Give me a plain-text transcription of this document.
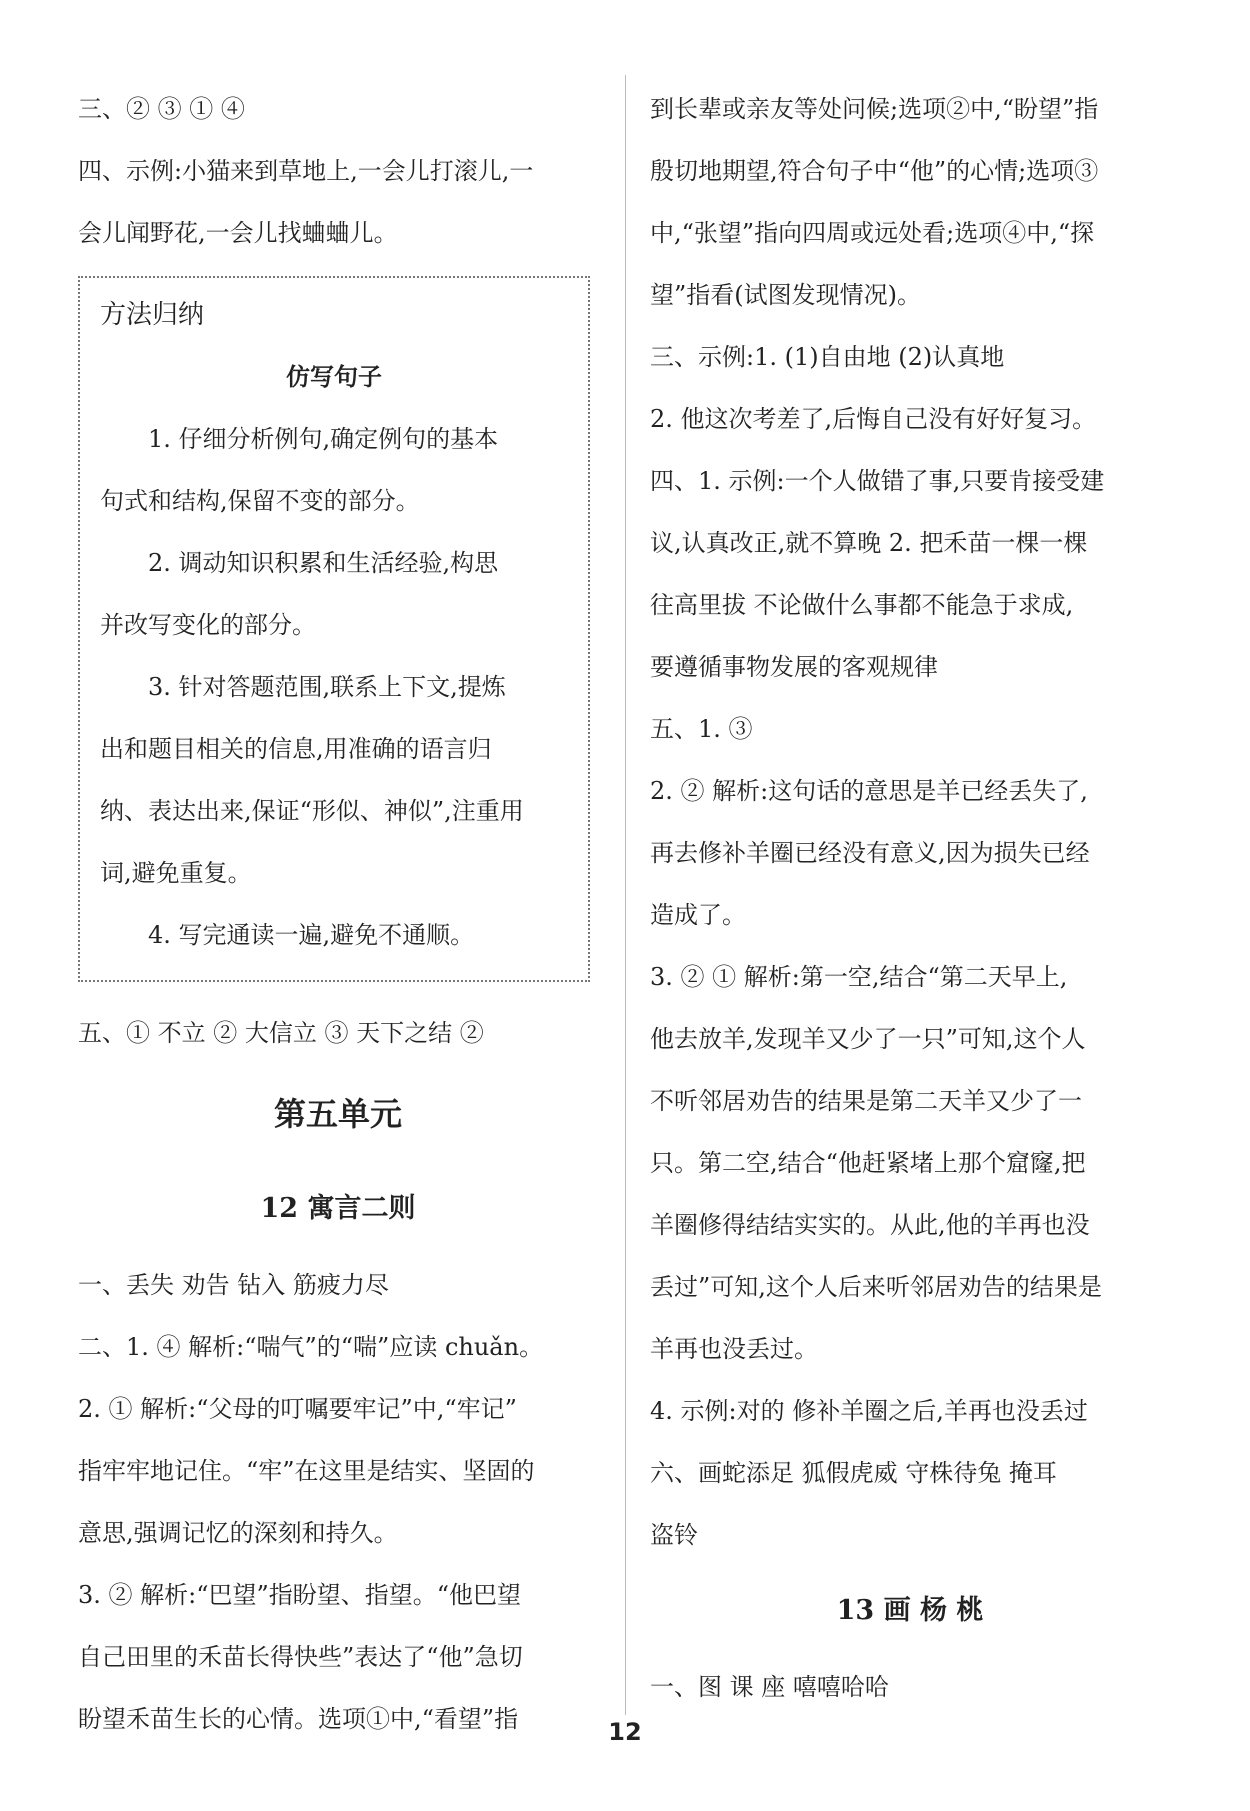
三、② ③ ① ④
四、示例:小猫来到草地上,一会儿打滚儿,一
会儿闻野花,一会儿找蛐蛐儿。
方法归纳
仿写句子
1. 仔细分析例句,确定例句的基本
句式和结构,保留不变的部分。
2. 调动知识积累和生活经验,构思
并改写变化的部分。
3. 针对答题范围,联系上下文,提炼
出和题目相关的信息,用准确的语言归
纳、表达出来,保证“形似、神似”,注重用
词,避免重复。
4. 写完通读一遍,避免不通顺。
五、① 不立 ② 大信立 ③ 天下之结 ②
第五单元
12 寓言二则
一、丢失 劝告 钻入 筋疲力尽
二、1. ④ 解析:“喘气”的“喘”应读 chuǎn。
2. ① 解析:“父母的叮嘱要牢记”中,“牢记”
指牢牢地记住。“牢”在这里是结实、坚固的
意思,强调记忆的深刻和持久。
3. ② 解析:“巴望”指盼望、指望。“他巴望
自己田里的禾苗长得快些”表达了“他”急切
盼望禾苗生长的心情。选项①中,“看望”指
到长辈或亲友等处问候;选项②中,“盼望”指
殷切地期望,符合句子中“他”的心情;选项③
中,“张望”指向四周或远处看;选项④中,“探
望”指看(试图发现情况)。
三、示例:1. (1)自由地 (2)认真地
2. 他这次考差了,后悔自己没有好好复习。
四、1. 示例:一个人做错了事,只要肯接受建
议,认真改正,就不算晚 2. 把禾苗一棵一棵
往高里拔 不论做什么事都不能急于求成,
要遵循事物发展的客观规律
五、1. ③
2. ② 解析:这句话的意思是羊已经丢失了,
再去修补羊圈已经没有意义,因为损失已经
造成了。
3. ② ① 解析:第一空,结合“第二天早上,
他去放羊,发现羊又少了一只”可知,这个人
不听邻居劝告的结果是第二天羊又少了一
只。第二空,结合“他赶紧堵上那个窟窿,把
羊圈修得结结实实的。从此,他的羊再也没
丢过”可知,这个人后来听邻居劝告的结果是
羊再也没丢过。
4. 示例:对的 修补羊圈之后,羊再也没丢过
六、画蛇添足 狐假虎威 守株待兔 掩耳
盗铃
13 画 杨 桃
一、图 课 座 嘻嘻哈哈
12
